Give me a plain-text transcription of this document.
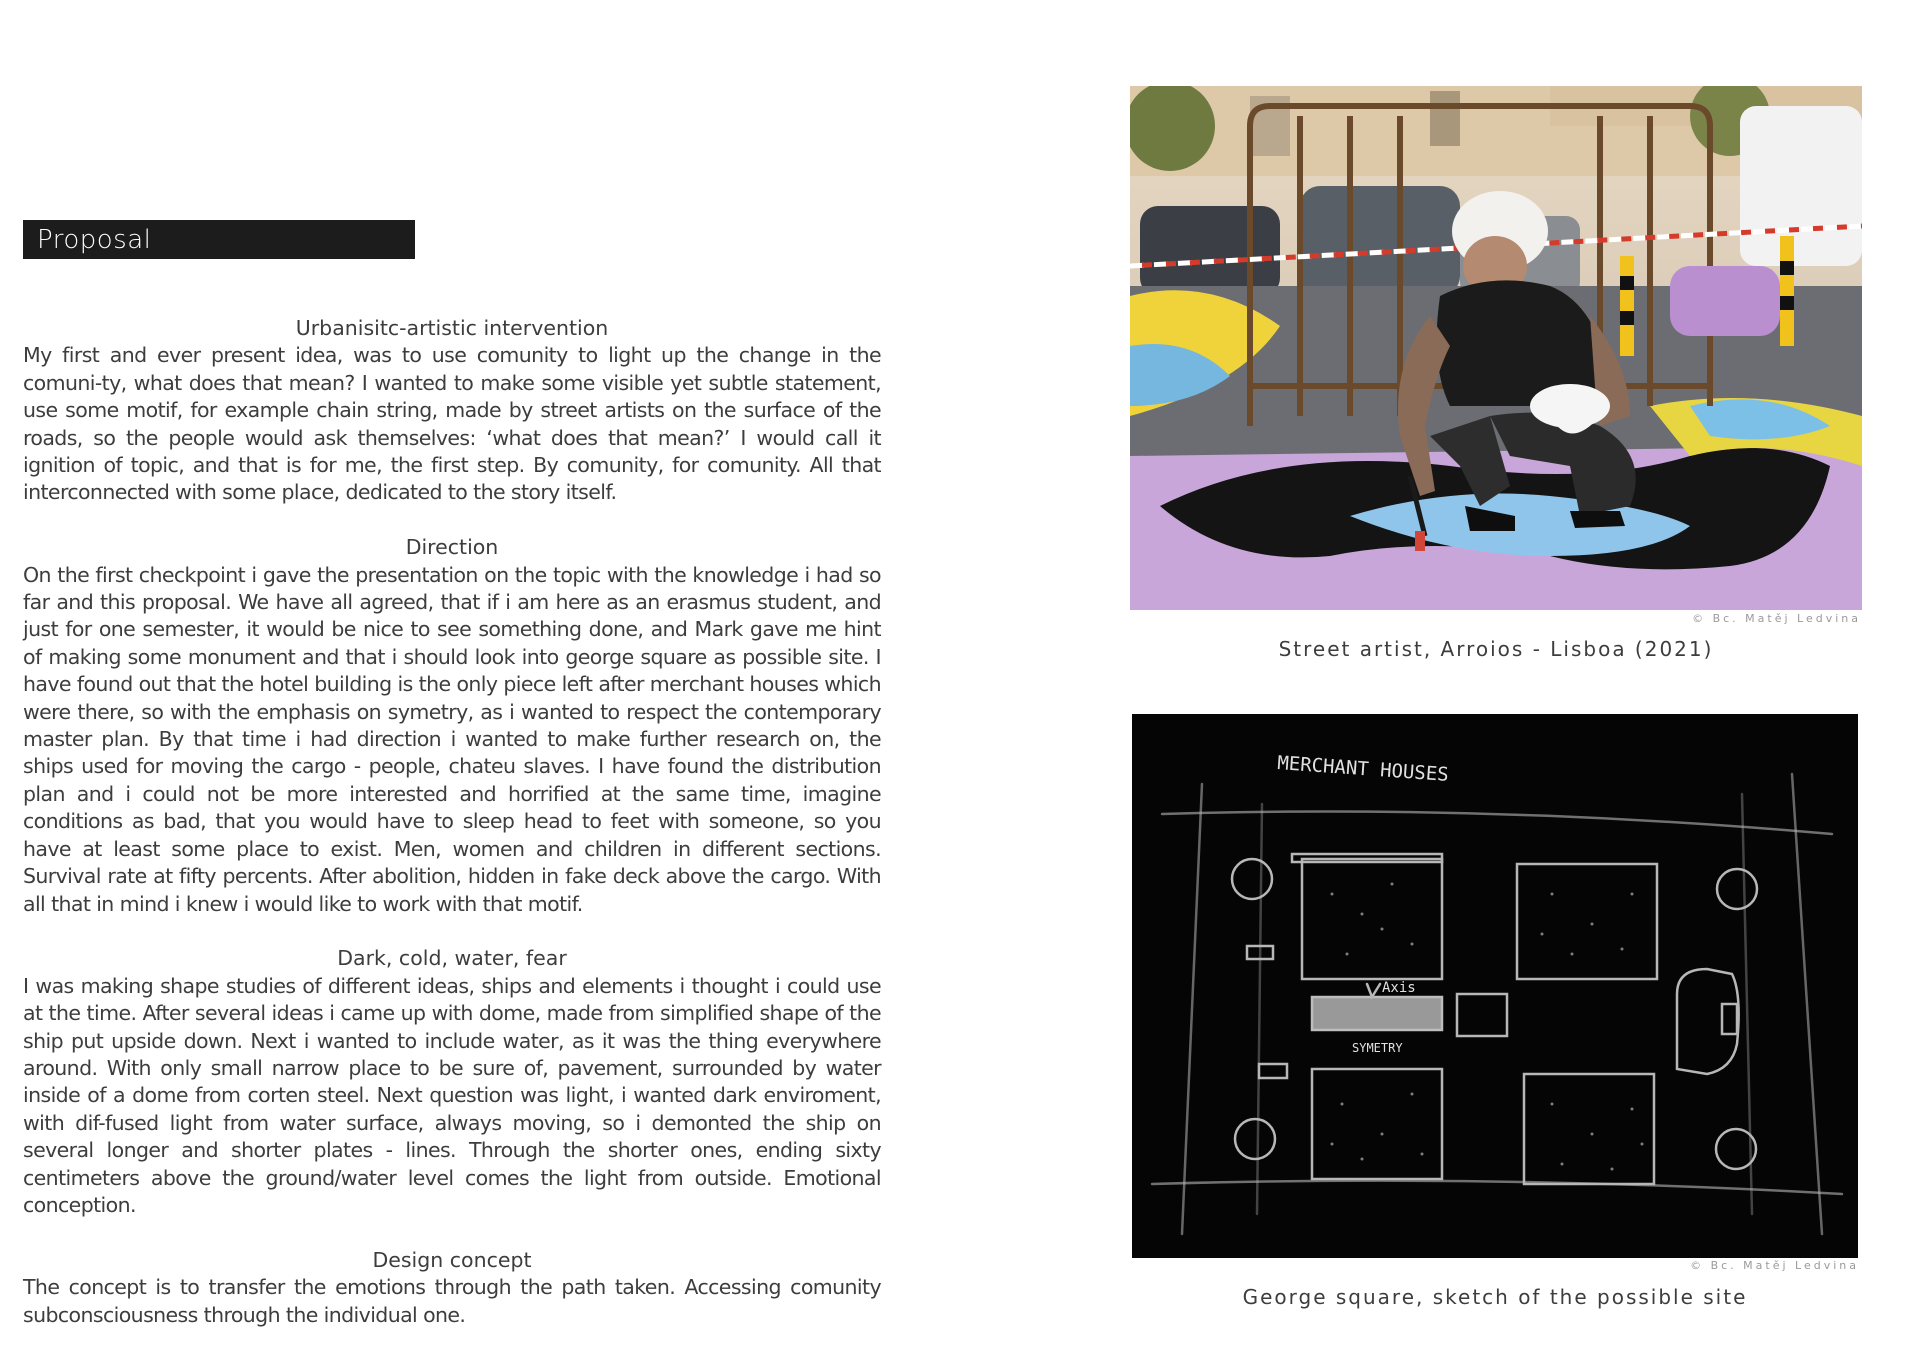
Proposal
Urbanisitc-artistic intervention

My first and ever present idea, was to use comunity to light up the change in the comuni-ty, what does that mean? I wanted to make some visible yet subtle statement, use some motif, for example chain string, made by street artists on the surface of the roads, so the people would ask themselves: ‘what does that mean?’ I would call it ignition of topic, and that is for me, the first step. By comunity, for comunity. All that interconnected with some place, dedicated to the story itself.

Direction

On the first checkpoint i gave the presentation on the topic with the knowledge i had so far and this proposal. We have all agreed, that if i am here as an erasmus student, and just for one semester, it would be nice to see something done, and Mark gave me hint of making some monument and that i should look into george square as possible site. I have found out that the hotel building is the only piece left after merchant houses which were there, so with the emphasis on symetry, as i wanted to respect the contemporary master plan. By that time i had direction i wanted to make further research on, the ships used for moving the cargo - people, chateu slaves. I have found the distribution plan and i could not be more interested and horrified at the same time, imagine conditions as bad, that you would have to sleep head to feet with someone, so you have at least some place to exist. Men, women and children in different sections. Survival rate at fifty percents. After abolition, hidden in fake deck above the cargo. With all that in mind i knew i would like to work with that motif.

Dark, cold, water, fear

I was making shape studies of different ideas, ships and elements i thought i could use at the time. After several ideas i came up with dome, made from simplified shape of the ship put upside down. Next i wanted to include water, as it was the thing everywhere around. With only small narrow place to be sure of, pavement, surrounded by water inside of a dome from corten steel. Next question was light, i wanted dark enviroment, with dif-fused light from water surface, always moving, so i demonted the ship on several longer and shorter plates - lines. Through the shorter ones, ending sixty centimeters above the ground/water level comes the light from outside. Emotional conception.

Design concept

The concept is to transfer the emotions through the path taken. Accessing comunity subconsciousness through the individual one.

© Bc. Matěj Ledvina
Street artist, Arroios - Lisboa (2021)
MERCHANT HOUSES
Axis
SYMETRY
© Bc. Matěj Ledvina
George square, sketch of the possible site
